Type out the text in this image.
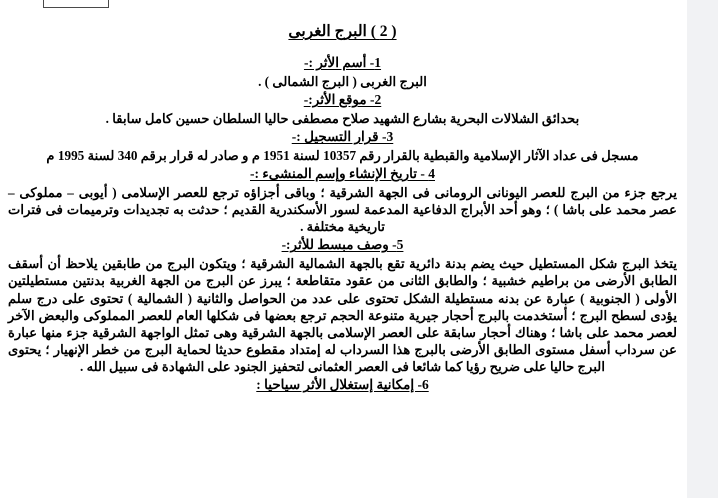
( 2 ) البرج الغربى
1- أسم الأثر :-
البرج الغربى ( البرج الشمالى ) .
2- موقع الأثر:-
بحدائق الشلالات البحرية بشارع الشهيد صلاح مصطفى حاليا السلطان حسين كامل سابقا .
3- قرار التسجيل :-
مسجل فى عداد الآثار الإسلامية والقبطية بالقرار رقم 10357 لسنة 1951 م و صادر له قرار برقم 340 لسنة 1995 م
4 - تاريخ الإنشاء وإسم المنشىء :-
يرجع جزء من البرج للعصر اليونانى الرومانى فى الجهة الشرقية ؛ وباقى أجزاؤه ترجع للعصر الإسلامى ( أيوبى – مملوكى – عصر محمد على باشا ) ؛ وهو أحد الأبراج الدفاعية المدعمة لسور الأسكندرية القديم ؛ حدثت به تجديدات وترميمات فى فترات تاريخية مختلفة .
5- وصف مبسط للأثر:-
يتخذ البرج شكل المستطيل حيث يضم بدنة دائرية تقع بالجهة الشمالية الشرقية ؛ ويتكون البرج من طابقين يلاحظ أن أسقف الطابق الأرضى من براطيم خشبية ؛ والطابق الثانى من عقود متقاطعة ؛ يبرز عن البرج من الجهة الغربية بدنتين مستطيلتين الأولى ( الجنوبية ) عبارة عن بدنه مستطيلة الشكل تحتوى على عدد من الحواصل والثانية ( الشمالية ) تحتوى على درج سلم يؤدى لسطح البرج ؛ أستخدمت بالبرج أحجار جيرية متنوعة الحجم ترجع بعضها فى شكلها العام للعصر المملوكى والبعض الآخر لعصر محمد على باشا ؛ وهناك أحجار سابقة على العصر الإسلامى بالجهة الشرقية وهى تمثل الواجهة الشرقية جزء منها عبارة عن سرداب أسفل مستوى الطابق الأرضى بالبرج هذا السرداب له إمتداد مقطوع حديثا لحماية البرج من خطر الإنهيار ؛ يحتوى البرج حاليا على ضريح رؤيا كما شائعا فى العصر العثمانى لتحفيز الجنود على الشهادة فى سبيل الله .
6- إمكانية إستغلال الأثر سياحيا :
